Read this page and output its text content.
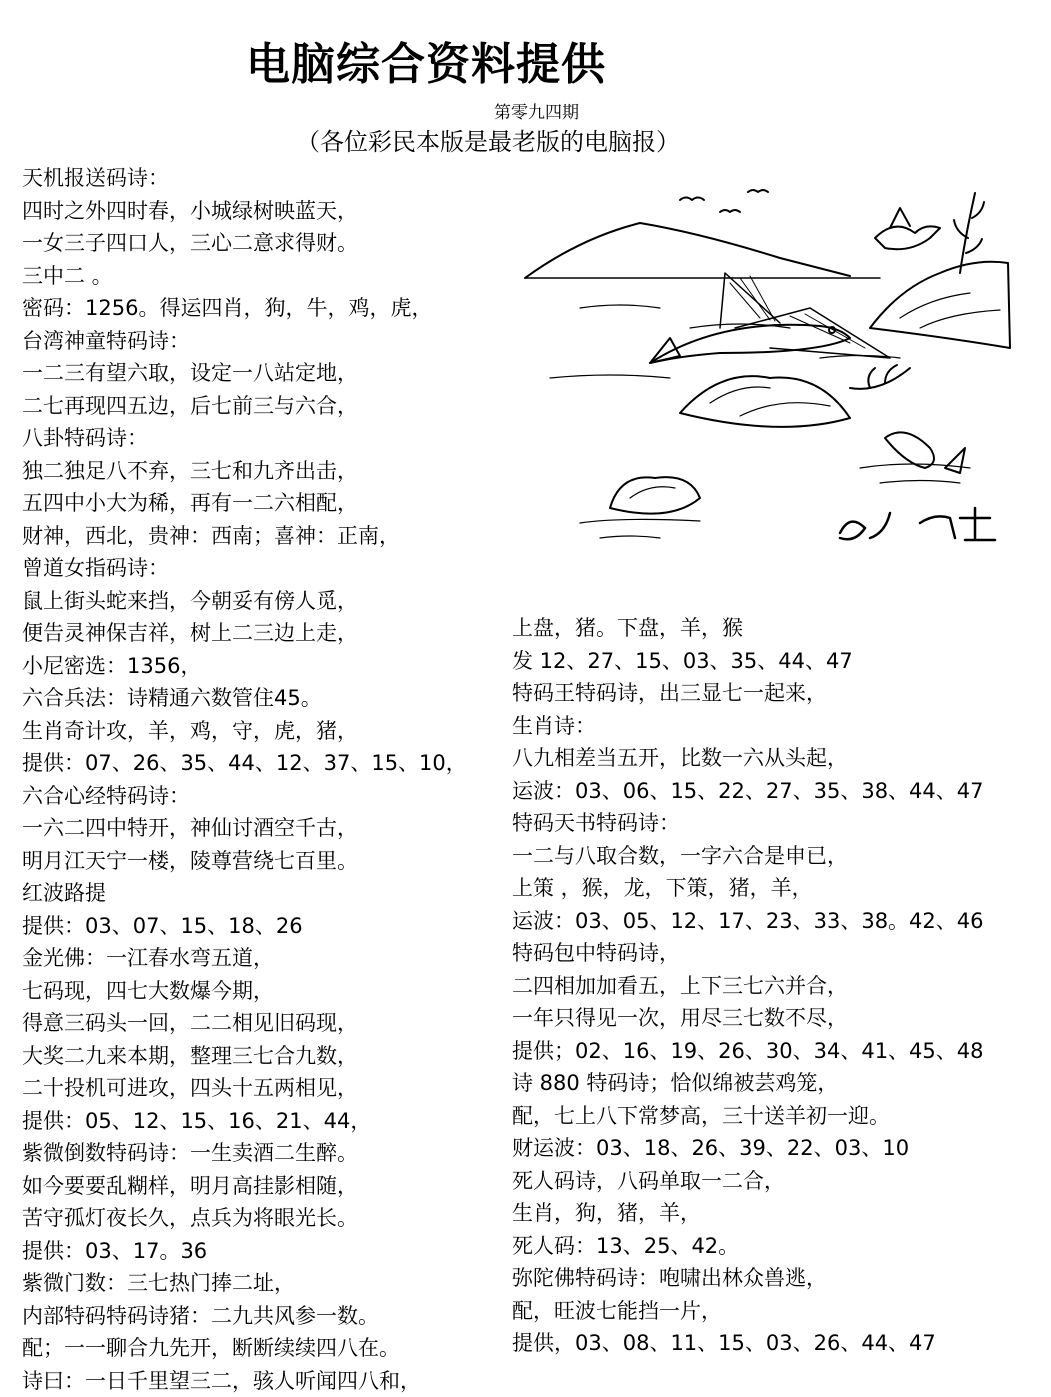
电脑综合资料提供
第零九四期
（各位彩民本版是最老版的电脑报）
天机报送码诗：
四时之外四时春，小城绿树映蓝天，
一女三子四口人，三心二意求得财。
三中二 。
密码：1256。得运四肖，狗，牛，鸡，虎，
台湾神童特码诗：
一二三有望六取，设定一八站定地，
二七再现四五边，后七前三与六合，
八卦特码诗：
独二独足八不弃，三七和九齐出击，
五四中小大为稀，再有一二六相配，
财神，西北，贵神：西南；喜神：正南，
曾道女指码诗：
鼠上街头蛇来挡，今朝妥有傍人觅，
便告灵神保吉祥，树上二三边上走，
小尼密选：1356，
六合兵法：诗精通六数管住45。
生肖奇计攻，羊，鸡，守，虎，猪，
提供：07、26、35、44、12、37、15、10，
六合心经特码诗：
一六二四中特开，神仙讨酒空千古，
明月江天宁一楼，陵尊营绕七百里。
红波路提
提供：03、07、15、18、26
金光佛：一江春水弯五道，
七码现，四七大数爆今期，
得意三码头一回，二二相见旧码现，
大奖二九来本期，整理三七合九数，
二十投机可进攻，四头十五两相见，
提供：05、12、15、16、21、44，
紫微倒数特码诗：一生卖酒二生醉。
如今要要乱糊样，明月高挂影相随，
苦守孤灯夜长久，点兵为将眼光长。
提供：03、17。36
紫微门数：三七热门捧二址，
内部特码特码诗猪：二九共风参一数。
配；一一聊合九先开，断断续续四八在。
诗曰：一日千里望三二，骇人听闻四八和，
上盘，猪。下盘，羊，猴
发 12、27、15、03、35、44、47
特码王特码诗，出三显七一起来，
生肖诗：
八九相差当五开，比数一六从头起，
运波：03、06、15、22、27、35、38、44、47
特码天书特码诗：
一二与八取合数，一字六合是申已，
上策 ，猴，龙，下策，猪，羊，
运波：03、05、12、17、23、33、38。42、46
特码包中特码诗，
二四相加加看五，上下三七六并合，
一年只得见一次，用尽三七数不尽，
提供；02、16、19、26、30、34、41、45、48
诗 880 特码诗；恰似绵被芸鸡笼，
配，七上八下常梦高，三十送羊初一迎。
财运波：03、18、26、39、22、03、10
死人码诗，八码单取一二合，
生肖，狗，猪，羊，
死人码：13、25、42。
弥陀佛特码诗：咆啸出林众兽逃，
配，旺波七能挡一片，
提供，03、08、11、15、03、26、44、47
